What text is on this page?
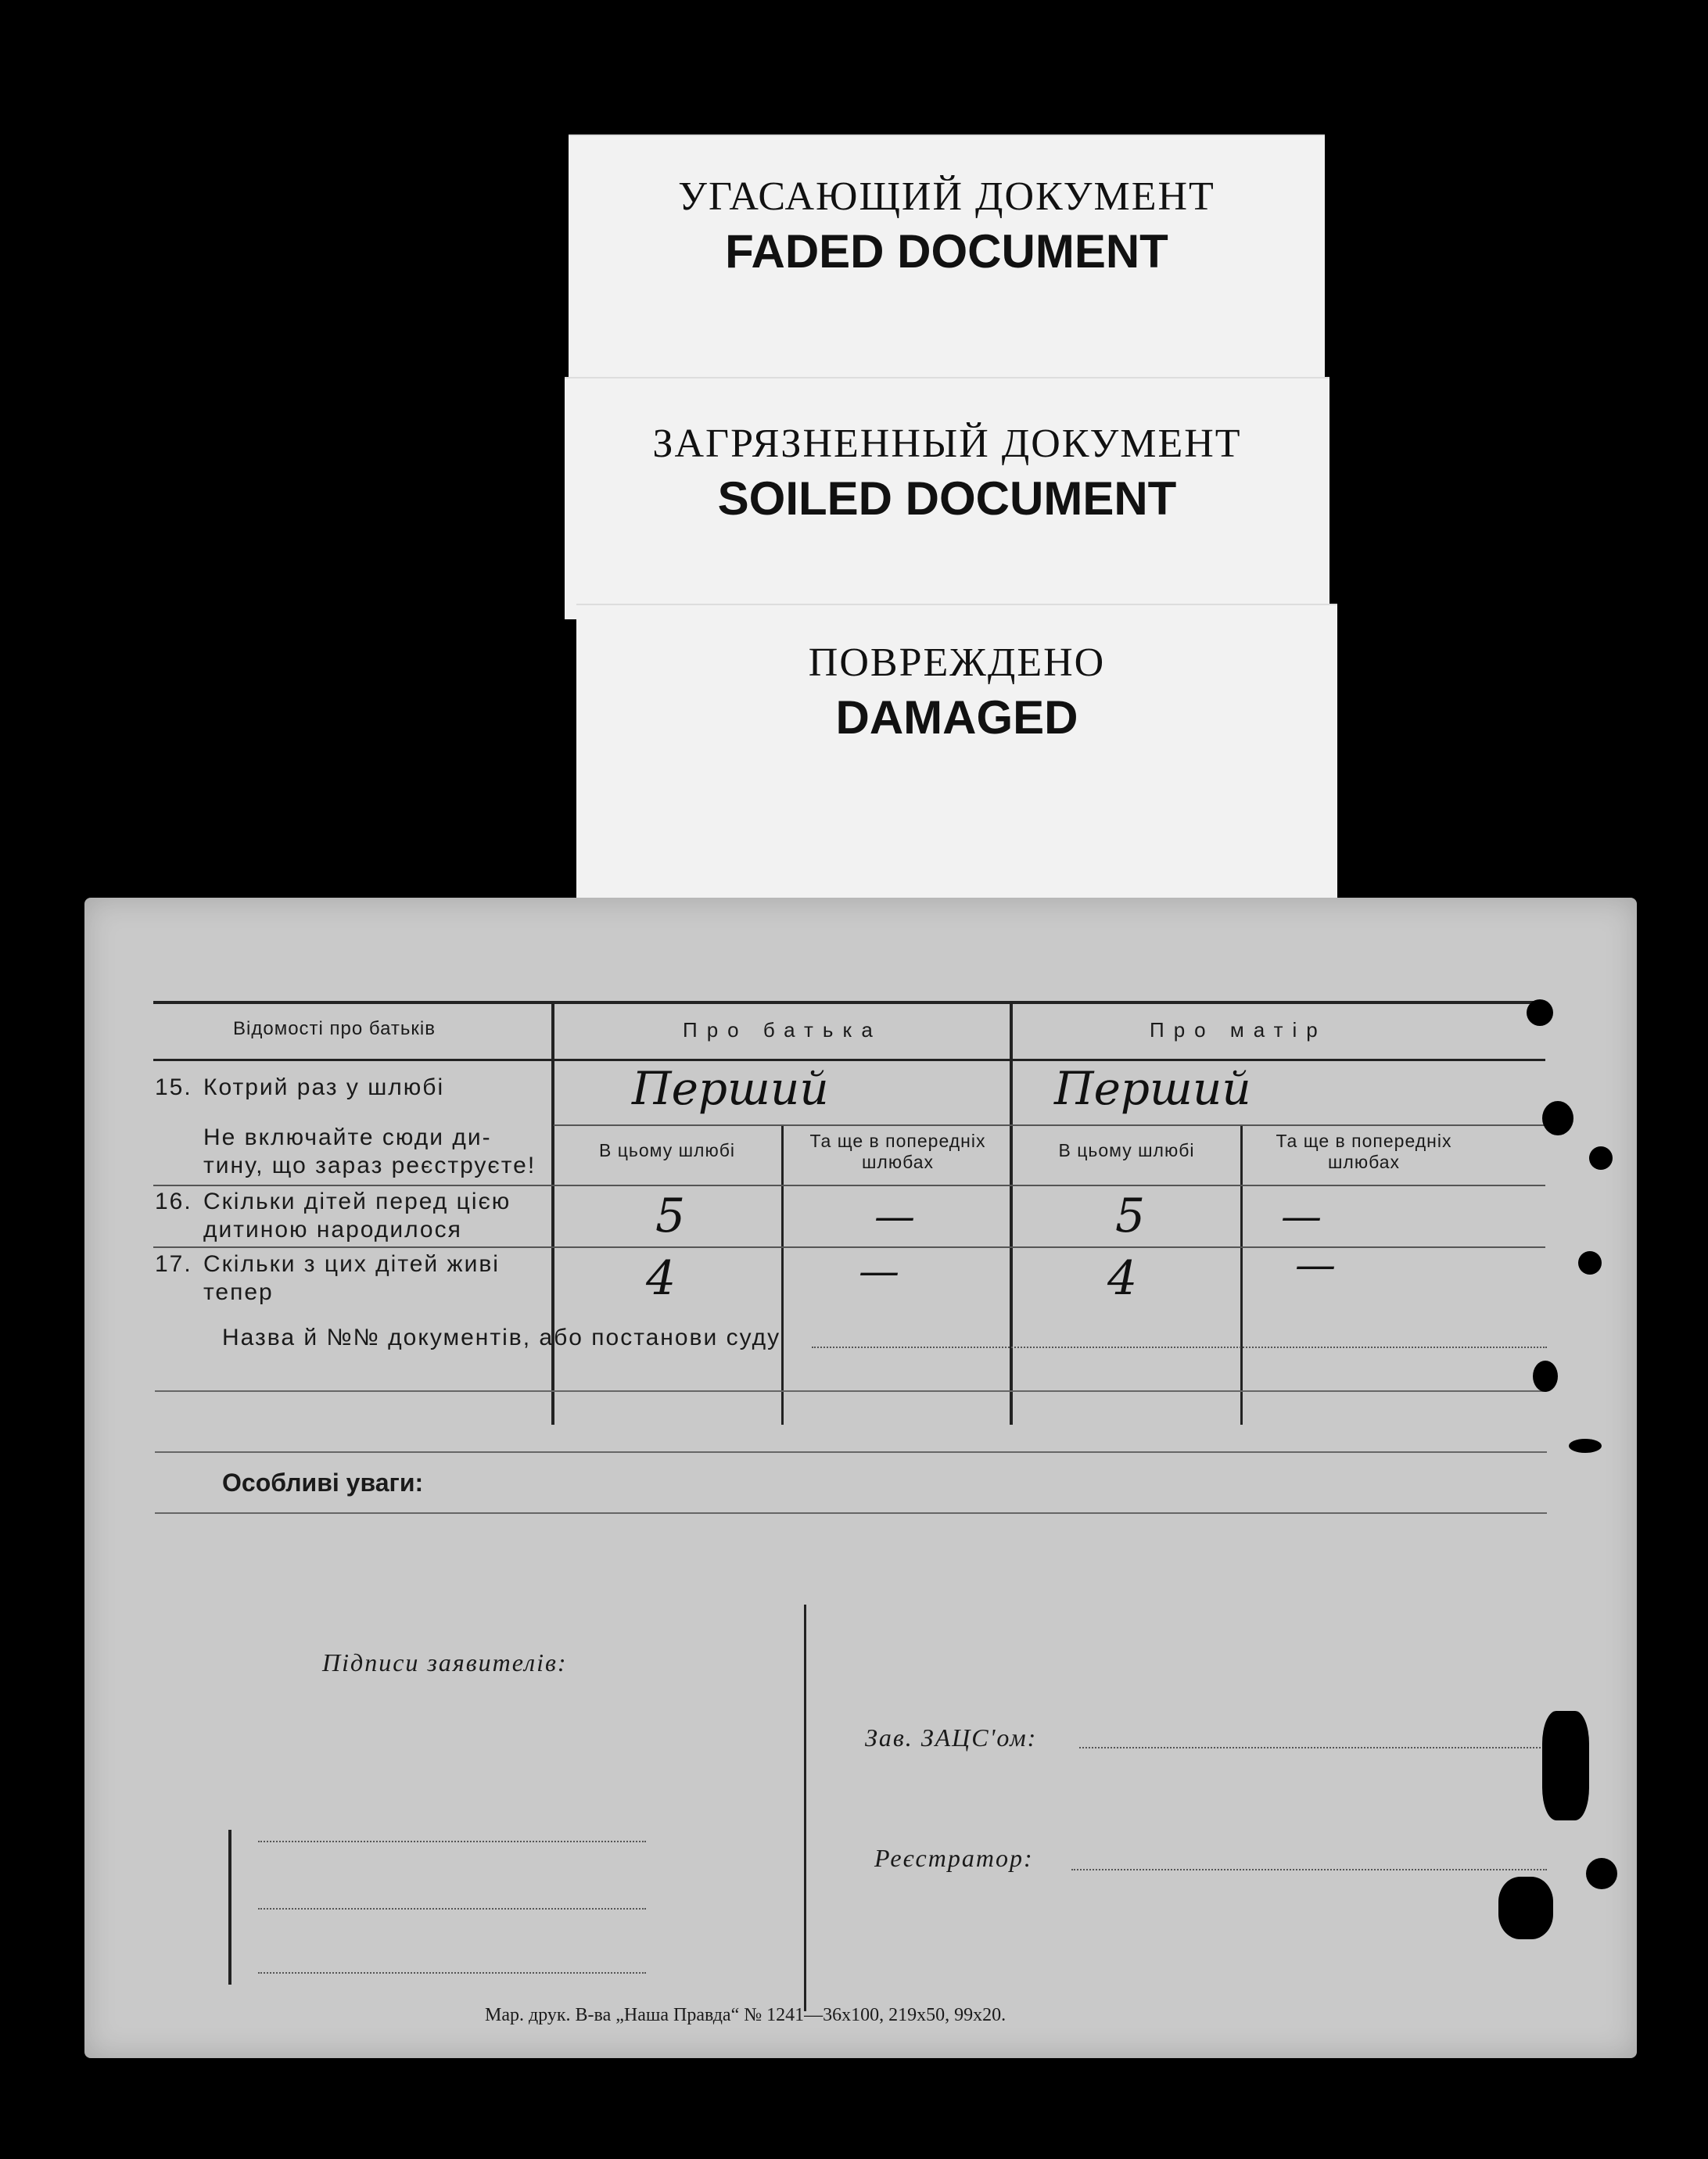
УГАСАЮЩИЙ ДОКУМЕНТ
FADED DOCUMENT
ЗАГРЯЗНЕННЫЙ ДОКУМЕНТ
SOILED DOCUMENT
ПОВРЕЖДЕНО
DAMAGED
Відомості про батьків	Про батька	Про матір
15. Котрий раз у шлюбі	Перший	Перший
Не включайте сюди ди-
тину, що зараз реєструєте!
В цьому шлюбі	Та ще в попередніх шлюбах
В цьому шлюбі	Та ще в попередніх шлюбах
16. Скільки дітей перед цією
дитиною народилося	5	—	5	—
17. Скільки з цих дітей живі
тепер	4	—	4	—
Назва й №№ документів, або постанови суду
Особливі уваги:
Підписи заявителів:
Зав. ЗАЦС'ом:
Реєстратор:
Мар. друк. В-ва „Наша Правда“ № 1241—36х100, 219х50, 99х20.
